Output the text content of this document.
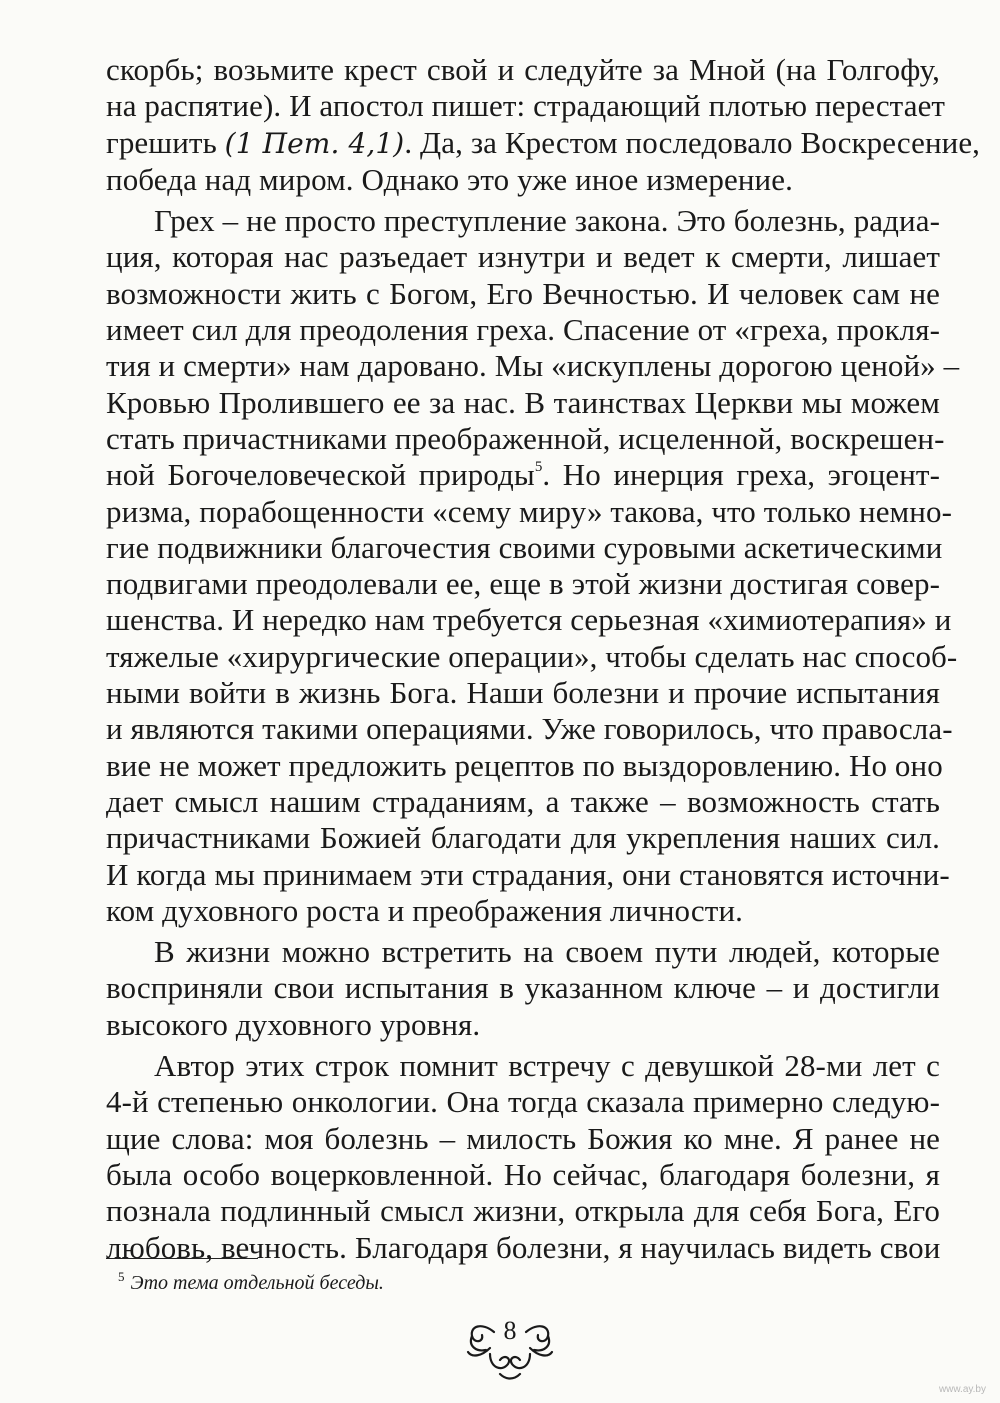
скорбь; возьмите крест свой и следуйте за Мной (на Голгофу,
на распятие). И апостол пишет: страдающий плотью перестает
грешить (1 Пет. 4,1). Да, за Крестом последовало Воскресение,
победа над миром. Однако это уже иное измерение.
Грех – не просто преступление закона. Это болезнь, радиа-
ция, которая нас разъедает изнутри и ведет к смерти, лишает
возможности жить с Богом, Его Вечностью. И человек сам не
имеет сил для преодоления греха. Спасение от «греха, прокля-
тия и смерти» нам даровано. Мы «искуплены дорогою ценой» –
Кровью Пролившего ее за нас. В таинствах Церкви мы можем
стать причастниками преображенной, исцеленной, воскрешен-
ной Богочеловеческой природы$^5$. Но инерция греха, эгоцент-
ризма, порабощенности «сему миру» такова, что только немно-
гие подвижники благочестия своими суровыми аскетическими
подвигами преодолевали ее, еще в этой жизни достигая совер-
шенства. И нередко нам требуется серьезная «химиотерапия» и
тяжелые «хирургические операции», чтобы сделать нас способ-
ными войти в жизнь Бога. Наши болезни и прочие испытания
и являются такими операциями. Уже говорилось, что правосла-
вие не может предложить рецептов по выздоровлению. Но оно
дает смысл нашим страданиям, а также – возможность стать
причастниками Божией благодати для укрепления наших сил.
И когда мы принимаем эти страдания, они становятся источни-
ком духовного роста и преображения личности.
В жизни можно встретить на своем пути людей, которые
восприняли свои испытания в указанном ключе – и достигли
высокого духовного уровня.
Автор этих строк помнит встречу с девушкой 28-ми лет с
4-й степенью онкологии. Она тогда сказала примерно следую-
щие слова: моя болезнь – милость Божия ко мне. Я ранее не
была особо воцерковленной. Но сейчас, благодаря болезни, я
познала подлинный смысл жизни, открыла для себя Бога, Его
любовь, вечность. Благодаря болезни, я научилась видеть свои
$^5$ Это тема отдельной беседы.
8
www.ay.by
